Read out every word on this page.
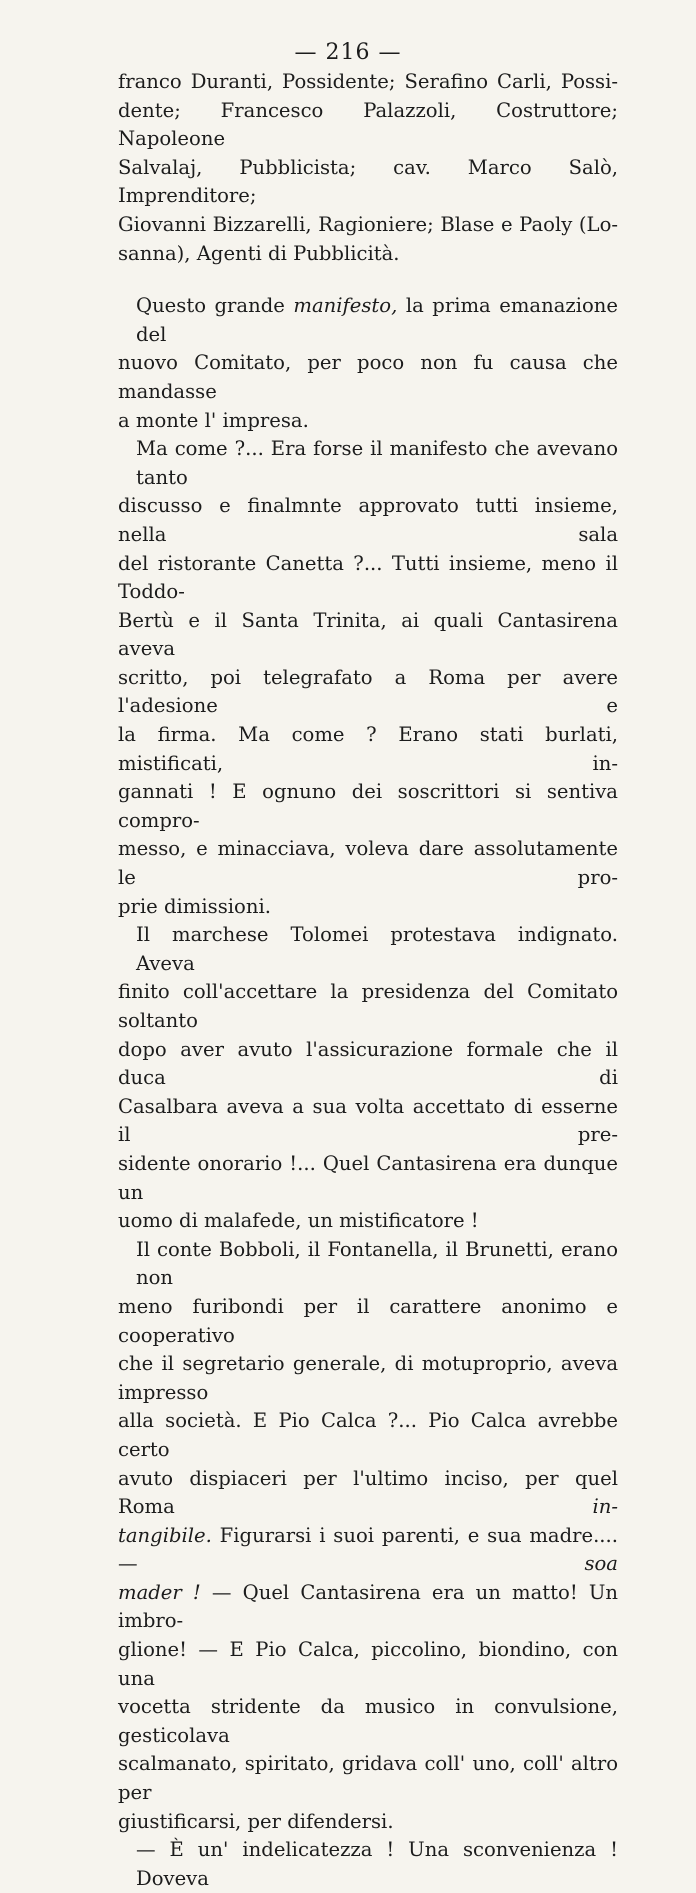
— 216 —
franco Duranti, Possidente; Serafino Carli, Possi-
dente; Francesco Palazzoli, Costruttore; Napoleone
Salvalaj, Pubblicista; cav. Marco Salò, Imprenditore;
Giovanni Bizzarelli, Ragioniere; Blase e Paoly (Lo-
sanna), Agenti di Pubblicità.
Questo grande manifesto, la prima emanazione del
nuovo Comitato, per poco non fu causa che mandasse
a monte l' impresa.
Ma come ?... Era forse il manifesto che avevano tanto
discusso e finalmnte approvato tutti insieme, nella sala
del ristorante Canetta ?... Tutti insieme, meno il Toddo-
Bertù e il Santa Trinita, ai quali Cantasirena aveva
scritto, poi telegrafato a Roma per avere l'adesione e
la firma. Ma come ? Erano stati burlati, mistificati, in-
gannati ! E ognuno dei soscrittori si sentiva compro-
messo, e minacciava, voleva dare assolutamente le pro-
prie dimissioni.
Il marchese Tolomei protestava indignato. Aveva
finito coll'accettare la presidenza del Comitato soltanto
dopo aver avuto l'assicurazione formale che il duca di
Casalbara aveva a sua volta accettato di esserne il pre-
sidente onorario !... Quel Cantasirena era dunque un
uomo di malafede, un mistificatore !
Il conte Bobboli, il Fontanella, il Brunetti, erano non
meno furibondi per il carattere anonimo e cooperativo
che il segretario generale, di motuproprio, aveva impresso
alla società. E Pio Calca ?... Pio Calca avrebbe certo
avuto dispiaceri per l'ultimo inciso, per quel Roma in-
tangibile. Figurarsi i suoi parenti, e sua madre.... — soa
mader ! — Quel Cantasirena era un matto! Un imbro-
glione! — E Pio Calca, piccolino, biondino, con una
vocetta stridente da musico in convulsione, gesticolava
scalmanato, spiritato, gridava coll' uno, coll' altro per
giustificarsi, per difendersi.
— È un' indelicatezza ! Una sconvenienza ! Doveva
